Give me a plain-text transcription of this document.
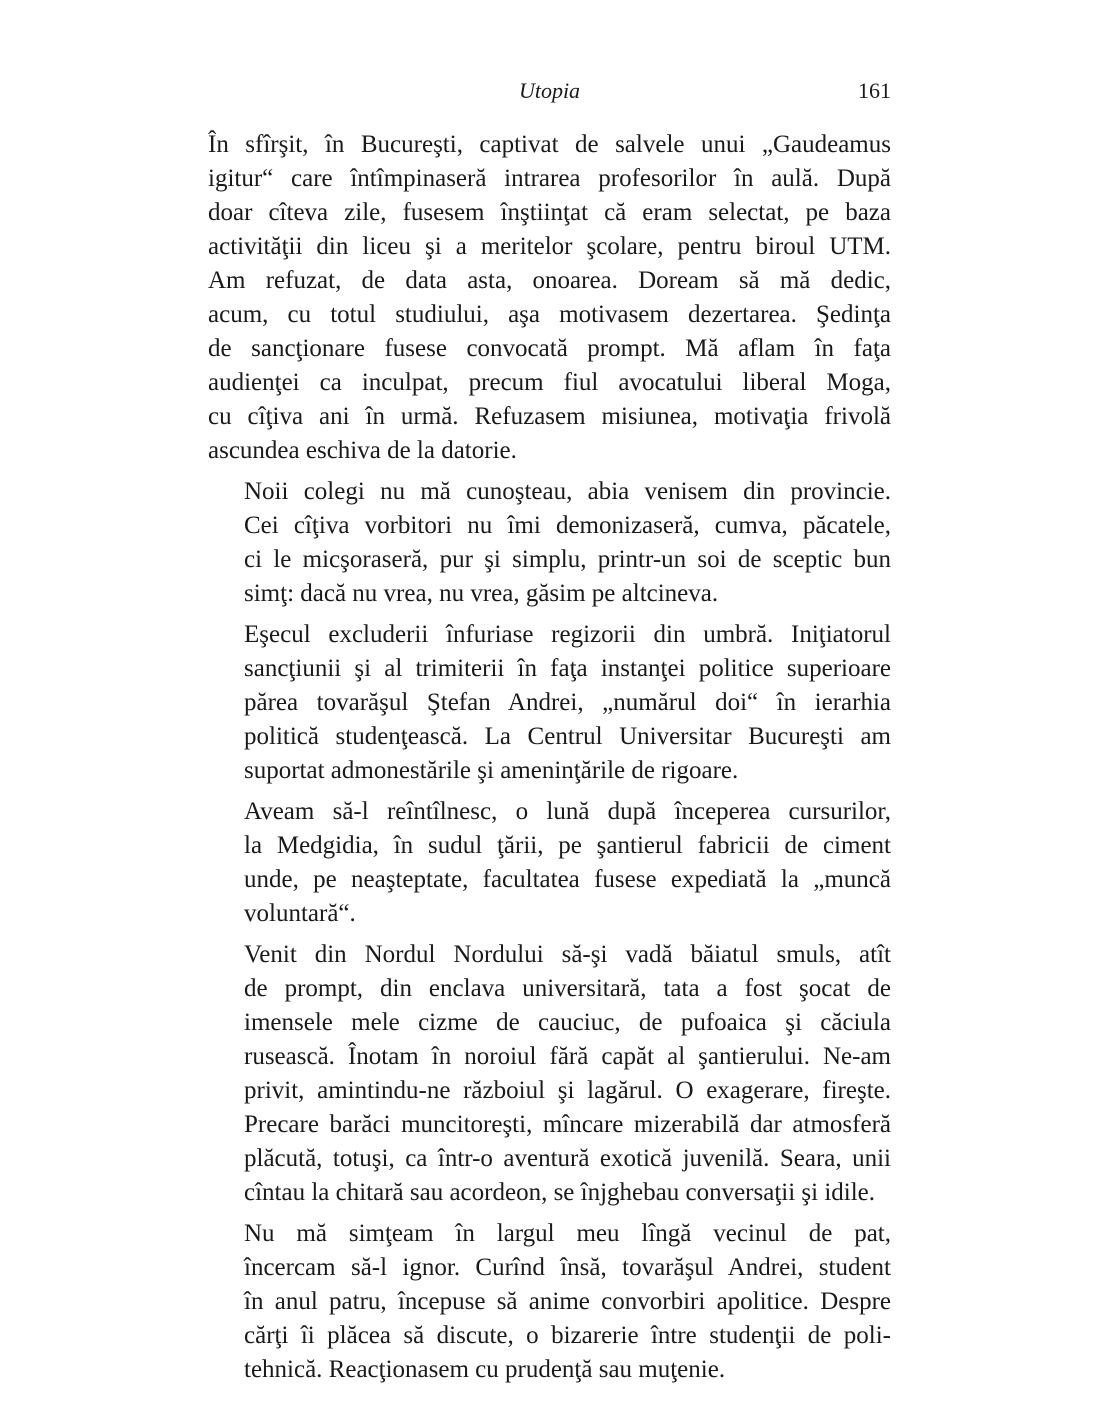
Utopia	161

În sfîrşit, în Bucureşti, captivat de salvele unui „Gaudeamus
igitur“ care întîmpinaseră intrarea profesorilor în aulă. După
doar cîteva zile, fusesem înştiinţat că eram selectat, pe baza
activităţii din liceu şi a meritelor şcolare, pentru biroul UTM.
Am refuzat, de data asta, onoarea. Doream să mă dedic,
acum, cu totul studiului, aşa motivasem dezertarea. Şedinţa
de sancţionare fusese convocată prompt. Mă aflam în faţa
audienţei ca inculpat, precum fiul avocatului liberal Moga,
cu cîţiva ani în urmă. Refuzasem misiunea, motivaţia frivolă
ascundea eschiva de la datorie.

Noii colegi nu mă cunoşteau, abia venisem din provincie.
Cei cîţiva vorbitori nu îmi demonizaseră, cumva, păcatele,
ci le micşoraseră, pur şi simplu, printr-un soi de sceptic bun
simţ: dacă nu vrea, nu vrea, găsim pe altcineva.

Eşecul excluderii înfuriase regizorii din umbră. Iniţiatorul
sancţiunii şi al trimiterii în faţa instanţei politice superioare
părea tovarăşul Ştefan Andrei, „numărul doi“ în ierarhia
politică studenţească. La Centrul Universitar Bucureşti am
suportat admonestările şi ameninţările de rigoare.

Aveam să-l reîntîlnesc, o lună după începerea cursurilor,
la Medgidia, în sudul ţării, pe şantierul fabricii de ciment
unde, pe neaşteptate, facultatea fusese expediată la „muncă
voluntară“.

Venit din Nordul Nordului să-şi vadă băiatul smuls, atît
de prompt, din enclava universitară, tata a fost şocat de
imensele mele cizme de cauciuc, de pufoaica şi căciula
rusească. Înotam în noroiul fără capăt al şantierului. Ne-am
privit, amintindu-ne războiul şi lagărul. O exagerare, fireşte.
Precare barăci muncitoreşti, mîncare mizerabilă dar atmosferă
plăcută, totuşi, ca într-o aventură exotică juvenilă. Seara, unii
cîntau la chitară sau acordeon, se înjghebau conversaţii şi idile.

Nu mă simţeam în largul meu lîngă vecinul de pat,
încercam să-l ignor. Curînd însă, tovarăşul Andrei, student
în anul patru, începuse să anime convorbiri apolitice. Despre
cărţi îi plăcea să discute, o bizarerie între studenţii de poli-
tehnică. Reacţionasem cu prudenţă sau muţenie.
